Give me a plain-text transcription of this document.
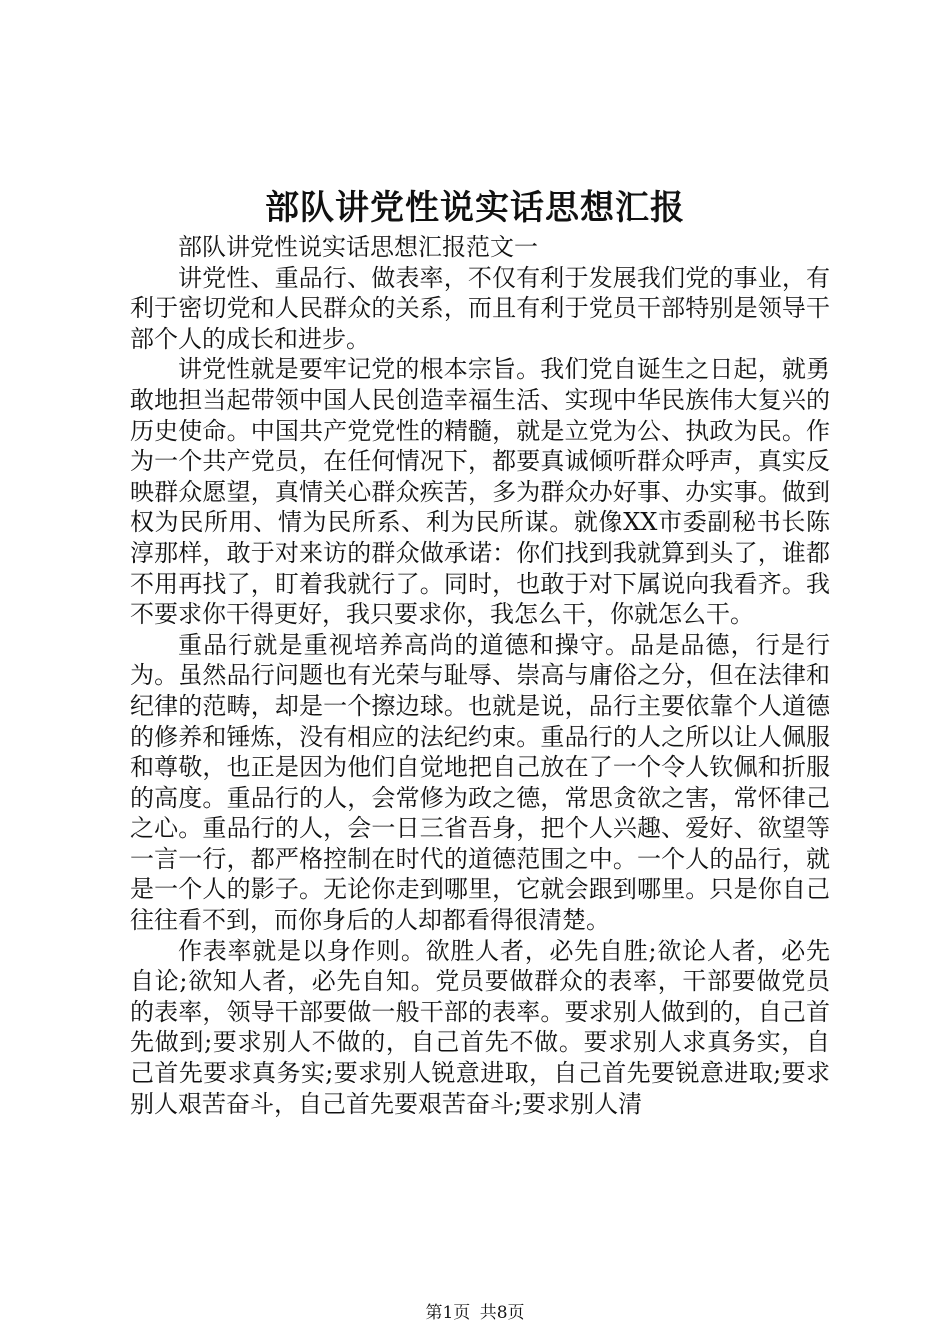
部队讲党性说实话思想汇报

部队讲党性说实话思想汇报范文一

讲党性、重品行、做表率，不仅有利于发展我们党的事业，有利于密切党和人民群众的关系，而且有利于党员干部特别是领导干部个人的成长和进步。

讲党性就是要牢记党的根本宗旨。我们党自诞生之日起，就勇敢地担当起带领中国人民创造幸福生活、实现中华民族伟大复兴的历史使命。中国共产党党性的精髓，就是立党为公、执政为民。作为一个共产党员，在任何情况下，都要真诚倾听群众呼声，真实反映群众愿望，真情关心群众疾苦，多为群众办好事、办实事。做到权为民所用、情为民所系、利为民所谋。就像XX市委副秘书长陈淳那样，敢于对来访的群众做承诺：你们找到我就算到头了，谁都不用再找了，盯着我就行了。同时，也敢于对下属说向我看齐。我不要求你干得更好，我只要求你，我怎么干，你就怎么干。

重品行就是重视培养高尚的道德和操守。品是品德，行是行为。虽然品行问题也有光荣与耻辱、崇高与庸俗之分，但在法律和纪律的范畴，却是一个擦边球。也就是说，品行主要依靠个人道德的修养和锤炼，没有相应的法纪约束。重品行的人之所以让人佩服和尊敬，也正是因为他们自觉地把自己放在了一个令人钦佩和折服的高度。重品行的人，会常修为政之德，常思贪欲之害，常怀律己之心。重品行的人，会一日三省吾身，把个人兴趣、爱好、欲望等一言一行，都严格控制在时代的道德范围之中。一个人的品行，就是一个人的影子。无论你走到哪里，它就会跟到哪里。只是你自己往往看不到，而你身后的人却都看得很清楚。

作表率就是以身作则。欲胜人者，必先自胜;欲论人者，必先自论;欲知人者，必先自知。党员要做群众的表率，干部要做党员的表率，领导干部要做一般干部的表率。要求别人做到的，自己首先做到;要求别人不做的，自己首先不做。要求别人求真务实，自己首先要求真务实;要求别人锐意进取，自己首先要锐意进取;要求别人艰苦奋斗，自己首先要艰苦奋斗;要求别人清

第1页 共8页
